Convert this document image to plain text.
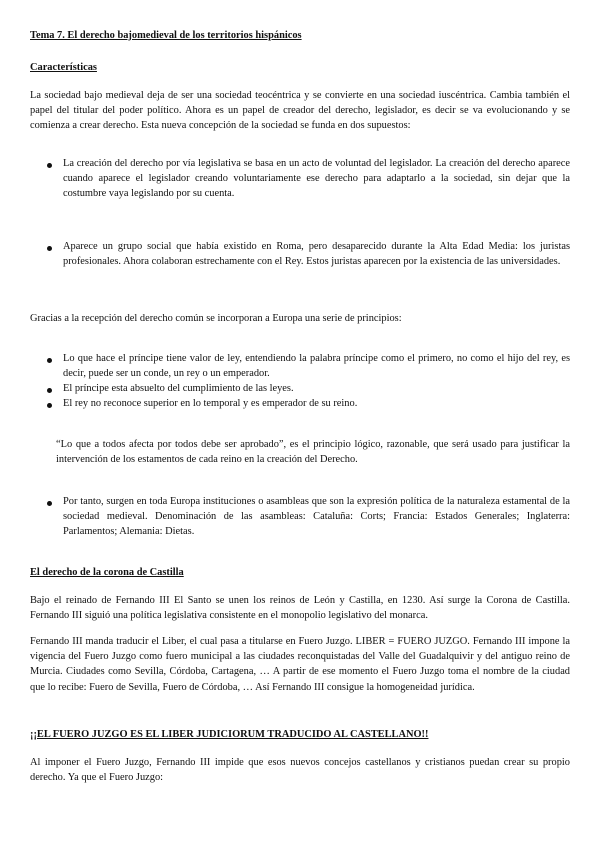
Tema 7. El derecho bajomedieval de los territorios hispánicos
Características
La sociedad bajo medieval deja de ser una sociedad teocéntrica y se convierte en una sociedad iuscéntrica. Cambia también el papel del titular del poder político. Ahora es un papel de creador del derecho, legislador, es decir se va evolucionando y se comienza a crear derecho. Esta nueva concepción de la sociedad se funda en dos supuestos:
La creación del derecho por vía legislativa se basa en un acto de voluntad del legislador. La creación del derecho aparece cuando aparece el legislador creando voluntariamente ese derecho para adaptarlo a la sociedad, sin dejar que la costumbre vaya legislando por su cuenta.
Aparece un grupo social que había existido en Roma, pero desaparecido durante la Alta Edad Media: los juristas profesionales. Ahora colaboran estrechamente con el Rey. Estos juristas aparecen por la existencia de las universidades.
Gracias a la recepción del derecho común se incorporan a Europa una serie de principios:
Lo que hace el príncipe tiene valor de ley, entendiendo la palabra príncipe como el primero, no como el hijo del rey, es decir, puede ser un conde, un rey o un emperador.
El príncipe esta absuelto del cumplimiento de las leyes.
El rey no reconoce superior en lo temporal y es emperador de su reino.
“Lo que a todos afecta por todos debe ser aprobado”, es el principio lógico, razonable, que será usado para justificar la intervención de los estamentos de cada reino en la creación del Derecho.
Por tanto, surgen en toda Europa instituciones o asambleas que son la expresión política de la naturaleza estamental de la sociedad medieval. Denominación de las asambleas: Cataluña: Corts; Francia: Estados Generales; Inglaterra: Parlamentos; Alemania: Dietas.
El derecho de la corona de Castilla
Bajo el reinado de Fernando III El Santo se unen los reinos de León y Castilla, en 1230. Así surge la Corona de Castilla. Fernando III siguió una política legislativa consistente en el monopolio legislativo del monarca.
Fernando III manda traducir el Liber, el cual pasa a titularse en Fuero Juzgo. LIBER = FUERO JUZGO. Fernando III impone la vigencia del Fuero Juzgo como fuero municipal a las ciudades reconquistadas del Valle del Guadalquivir y del antiguo reino de Murcia. Ciudades como Sevilla, Córdoba, Cartagena, … A partir de ese momento el Fuero Juzgo toma el nombre de la ciudad que lo recibe: Fuero de Sevilla, Fuero de Córdoba, … Así Fernando III consigue la homogeneidad jurídica.
¡¡EL FUERO JUZGO ES EL LIBER JUDICIORUM TRADUCIDO AL CASTELLANO!!
Al imponer el Fuero Juzgo, Fernando III impide que esos nuevos concejos castellanos y cristianos puedan crear su propio derecho. Ya que el Fuero Juzgo:
